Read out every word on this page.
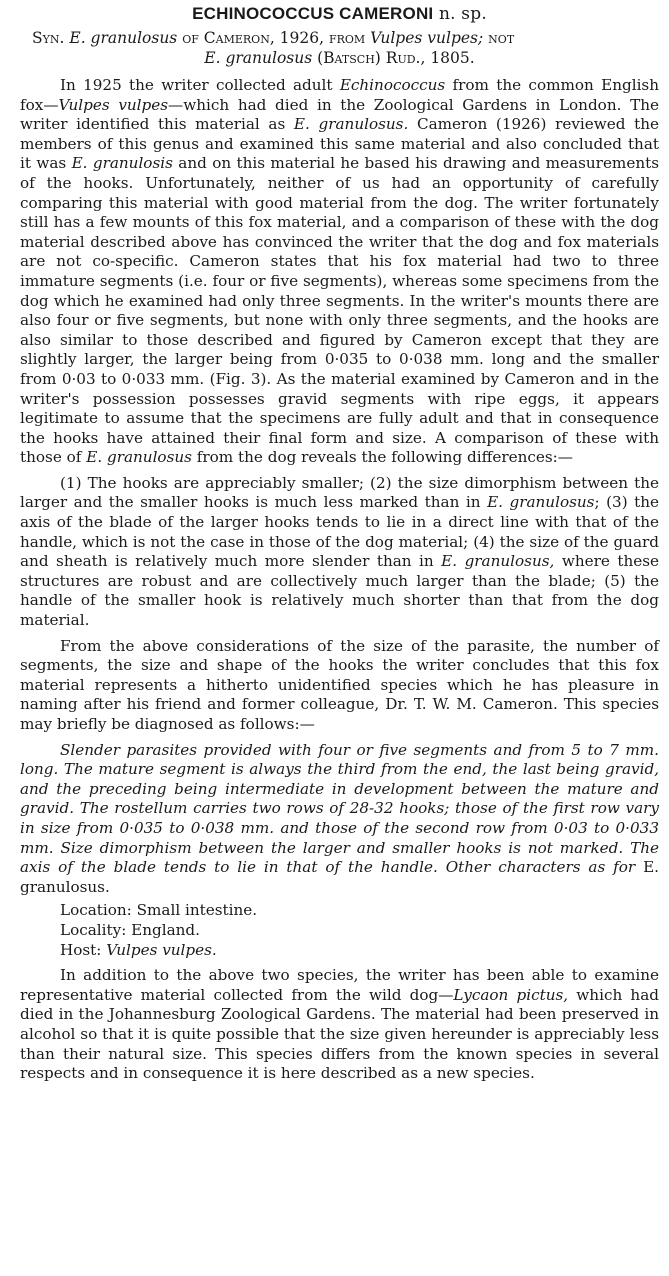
ECHINOCOCCUS CAMERONI n. sp.
Syn. E. granulosus of Cameron, 1926, from Vulpes vulpes; not
E. granulosus (Batsch) Rud., 1805.

In 1925 the writer collected adult Echinococcus from the common English fox—Vulpes vulpes—which had died in the Zoological Gardens in London. The writer identified this material as E. granulosus. Cameron (1926) reviewed the members of this genus and examined this same material and also concluded that it was E. granulosis and on this material he based his drawing and measurements of the hooks. Unfortunately, neither of us had an opportunity of carefully comparing this material with good material from the dog. The writer fortunately still has a few mounts of this fox material, and a comparison of these with the dog material described above has convinced the writer that the dog and fox materials are not co-specific. Cameron states that his fox material had two to three immature segments (i.e. four or five segments), whereas some specimens from the dog which he examined had only three segments. In the writer's mounts there are also four or five segments, but none with only three segments, and the hooks are also similar to those described and figured by Cameron except that they are slightly larger, the larger being from 0·035 to 0·038 mm. long and the smaller from 0·03 to 0·033 mm. (Fig. 3). As the material examined by Cameron and in the writer's possession possesses gravid segments with ripe eggs, it appears legitimate to assume that the specimens are fully adult and that in consequence the hooks have attained their final form and size. A comparison of these with those of E. granulosus from the dog reveals the following differences:—

(1) The hooks are appreciably smaller; (2) the size dimorphism between the larger and the smaller hooks is much less marked than in E. granulosus; (3) the axis of the blade of the larger hooks tends to lie in a direct line with that of the handle, which is not the case in those of the dog material; (4) the size of the guard and sheath is relatively much more slender than in E. granulosus, where these structures are robust and are collectively much larger than the blade; (5) the handle of the smaller hook is relatively much shorter than that from the dog material.

From the above considerations of the size of the parasite, the number of segments, the size and shape of the hooks the writer concludes that this fox material represents a hitherto unidentified species which he has pleasure in naming after his friend and former colleague, Dr. T. W. M. Cameron. This species may briefly be diagnosed as follows:—

Slender parasites provided with four or five segments and from 5 to 7 mm. long. The mature segment is always the third from the end, the last being gravid, and the preceding being intermediate in development between the mature and gravid. The rostellum carries two rows of 28-32 hooks; those of the first row vary in size from 0·035 to 0·038 mm. and those of the second row from 0·03 to 0·033 mm. Size dimorphism between the larger and smaller hooks is not marked. The axis of the blade tends to lie in that of the handle. Other characters as for E. granulosus.

Location: Small intestine.
Locality: England.
Host: Vulpes vulpes.

In addition to the above two species, the writer has been able to examine representative material collected from the wild dog—Lycaon pictus, which had died in the Johannesburg Zoological Gardens. The material had been preserved in alcohol so that it is quite possible that the size given hereunder is appreciably less than their natural size. This species differs from the known species in several respects and in consequence it is here described as a new species.
